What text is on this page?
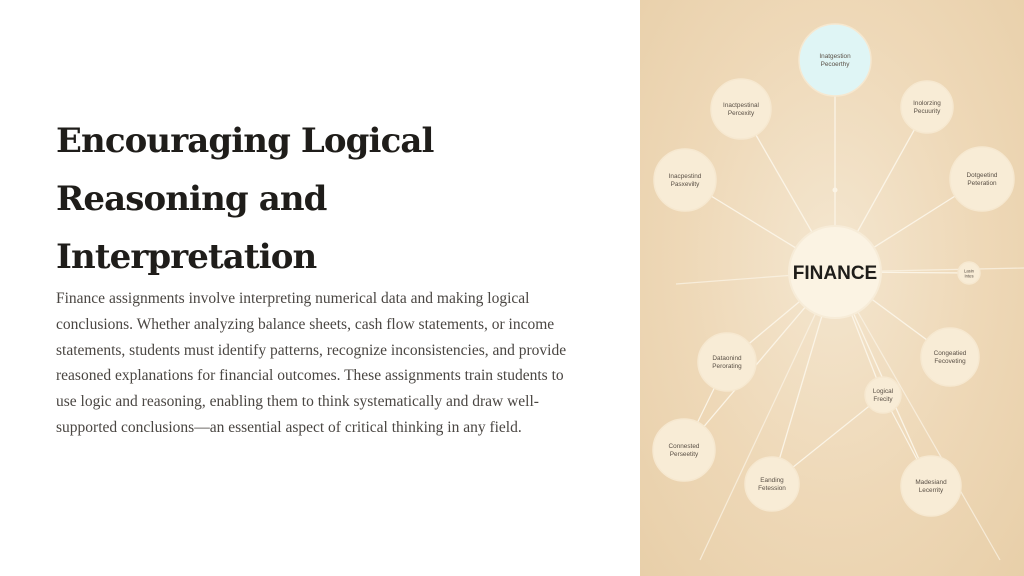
Encouraging Logical Reasoning and Interpretation

Finance assignments involve interpreting numerical data and making logical conclusions. Whether analyzing balance sheets, cash flow statements, or income statements, students must identify patterns, recognize inconsistencies, and provide reasoned explanations for financial outcomes. These assignments train students to use logic and reasoning, enabling them to think systematically and draw well-supported conclusions—an essential aspect of critical thinking in any field.

Inatgestion
Pecoerthy
Inactpestinal
Percexity
Inolorzing
Pecuurity
Inacpestind
Pasxevilty
Dotgeetind
Peteration
Lasin
Intes
Dataonind
Perorating
Congeatied
Fecoveting
Logical
Frecity
Connested
Perseetity
Eanding
Fetession
Madesiand
Lecerrity
FINANCE
